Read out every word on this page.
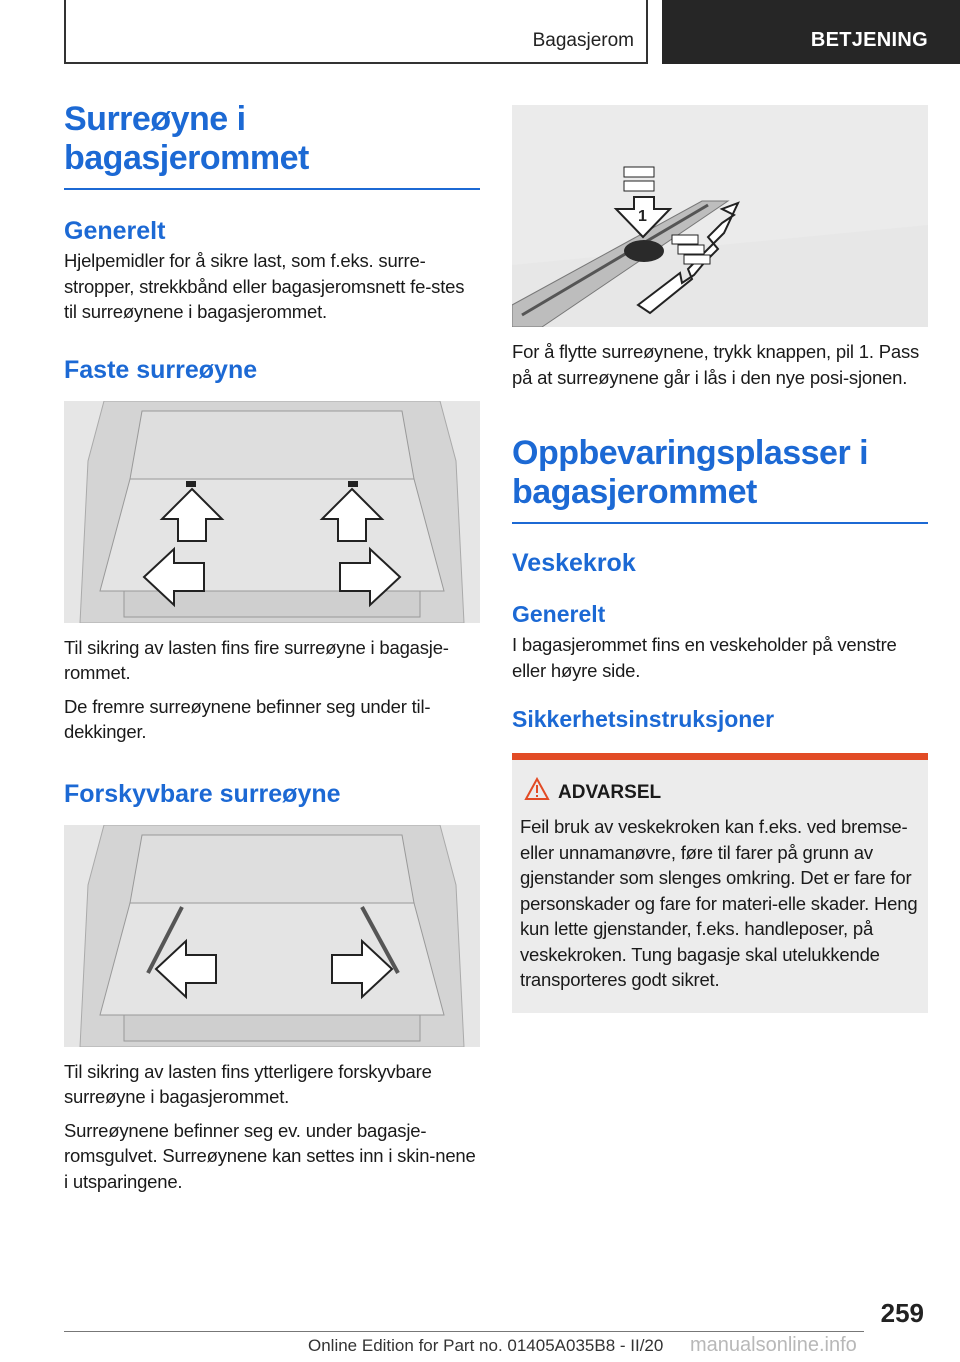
Bagasjerom	BETJENING
Surreøyne i bagasjerommet
Generelt

Hjelpemidler for å sikre last, som f.eks. surre-stropper, strekkbånd eller bagasjeromsnett fe-stes til surreøynene i bagasjerommet.

Faste surreøyne

Til sikring av lasten fins fire surreøyne i bagasje-rommet.

De fremre surreøynene befinner seg under til-dekkinger.

Forskyvbare surreøyne

Til sikring av lasten fins ytterligere forskyvbare surreøyne i bagasjerommet.

Surreøynene befinner seg ev. under bagasje-romsgulvet. Surreøynene kan settes inn i skin-nene i utsparingene.

1

For å flytte surreøynene, trykk knappen, pil 1. Pass på at surreøynene går i lås i den nye posi-sjonen.

Oppbevaringsplasser i bagasjerommet
Veskekrok
Generelt

I bagasjerommet fins en veskeholder på venstre eller høyre side.

Sikkerhetsinstruksjoner
ADVARSEL

Feil bruk av veskekroken kan f.eks. ved bremse- eller unnamanøvre, føre til farer på grunn av gjenstander som slenges omkring. Det er fare for personskader og fare for materi-elle skader. Heng kun lette gjenstander, f.eks. handleposer, på veskekroken. Tung bagasje skal utelukkende transporteres godt sikret.

259
Online Edition for Part no. 01405A035B8 - II/20 manualsonline.info
